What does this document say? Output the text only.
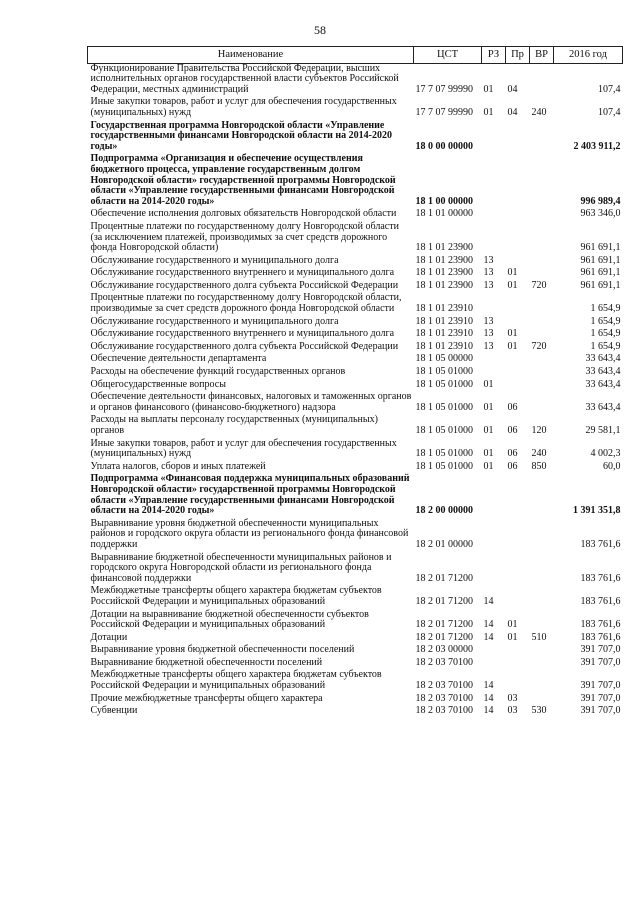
58
Наименование	ЦСТ	РЗ	Пр	ВР	2016 год
Функционирование Правительства Российской Федерации, высших исполнительных органов государственной власти субъектов Российской Федерации, местных администраций	17 7 07 99990	01	04		107,4
Иные закупки товаров, работ и услуг для обеспечения государственных (муниципальных) нужд	17 7 07 99990	01	04	240	107,4
Государственная программа Новгородской области «Управление государственными финансами Новгородской области на 2014-2020 годы»	18 0 00 00000				2 403 911,2
Подпрограмма «Организация и обеспечение осуществления бюджетного процесса, управление государственным долгом Новгородской области» государственной программы Новгородской области «Управление государственными финансами Новгородской области на 2014-2020 годы»	18 1 00 00000				996 989,4
Обеспечение исполнения долговых обязательств Новгородской области	18 1 01 00000				963 346,0
Процентные платежи по государственному долгу Новгородской области (за исключением платежей, производимых за счет средств дорожного фонда Новгородской области)	18 1 01 23900				961 691,1
Обслуживание государственного и муниципального долга	18 1 01 23900	13			961 691,1
Обслуживание государственного внутреннего и муниципального долга	18 1 01 23900	13	01		961 691,1
Обслуживание государственного долга субъекта Российской Федерации	18 1 01 23900	13	01	720	961 691,1
Процентные платежи по государственному долгу Новгородской области, производимые за счет средств дорожного фонда Новгородской области	18 1 01 23910				1 654,9
Обслуживание государственного и муниципального долга	18 1 01 23910	13			1 654,9
Обслуживание государственного внутреннего и муниципального долга	18 1 01 23910	13	01		1 654,9
Обслуживание государственного долга субъекта Российской Федерации	18 1 01 23910	13	01	720	1 654,9
Обеспечение деятельности департамента	18 1 05 00000				33 643,4
Расходы на обеспечение функций государственных органов	18 1 05 01000				33 643,4
Общегосударственные вопросы	18 1 05 01000	01			33 643,4
Обеспечение деятельности финансовых, налоговых и таможенных органов и органов финансового (финансово-бюджетного) надзора	18 1 05 01000	01	06		33 643,4
Расходы на выплаты персоналу государственных (муниципальных) органов	18 1 05 01000	01	06	120	29 581,1
Иные закупки товаров, работ и услуг для обеспечения государственных (муниципальных) нужд	18 1 05 01000	01	06	240	4 002,3
Уплата налогов, сборов и иных платежей	18 1 05 01000	01	06	850	60,0
Подпрограмма «Финансовая поддержка муниципальных образований Новгородской области» государственной программы Новгородской области «Управление государственными финансами Новгородской области на 2014-2020 годы»	18 2 00 00000				1 391 351,8
Выравнивание уровня бюджетной обеспеченности муниципальных районов и городского округа области из регионального фонда финансовой поддержки	18 2 01 00000				183 761,6
Выравнивание бюджетной обеспеченности муниципальных районов и городского округа Новгородской области из регионального фонда финансовой поддержки	18 2 01 71200				183 761,6
Межбюджетные трансферты общего характера бюджетам субъектов Российской Федерации и муниципальных образований	18 2 01 71200	14			183 761,6
Дотации на выравнивание бюджетной обеспеченности субъектов Российской Федерации и муниципальных образований	18 2 01 71200	14	01		183 761,6
Дотации	18 2 01 71200	14	01	510	183 761,6
Выравнивание уровня бюджетной обеспеченности поселений	18 2 03 00000				391 707,0
Выравнивание бюджетной обеспеченности поселений	18 2 03 70100				391 707,0
Межбюджетные трансферты общего характера бюджетам субъектов Российской Федерации и муниципальных образований	18 2 03 70100	14			391 707,0
Прочие межбюджетные трансферты общего характера	18 2 03 70100	14	03		391 707,0
Субвенции	18 2 03 70100	14	03	530	391 707,0
